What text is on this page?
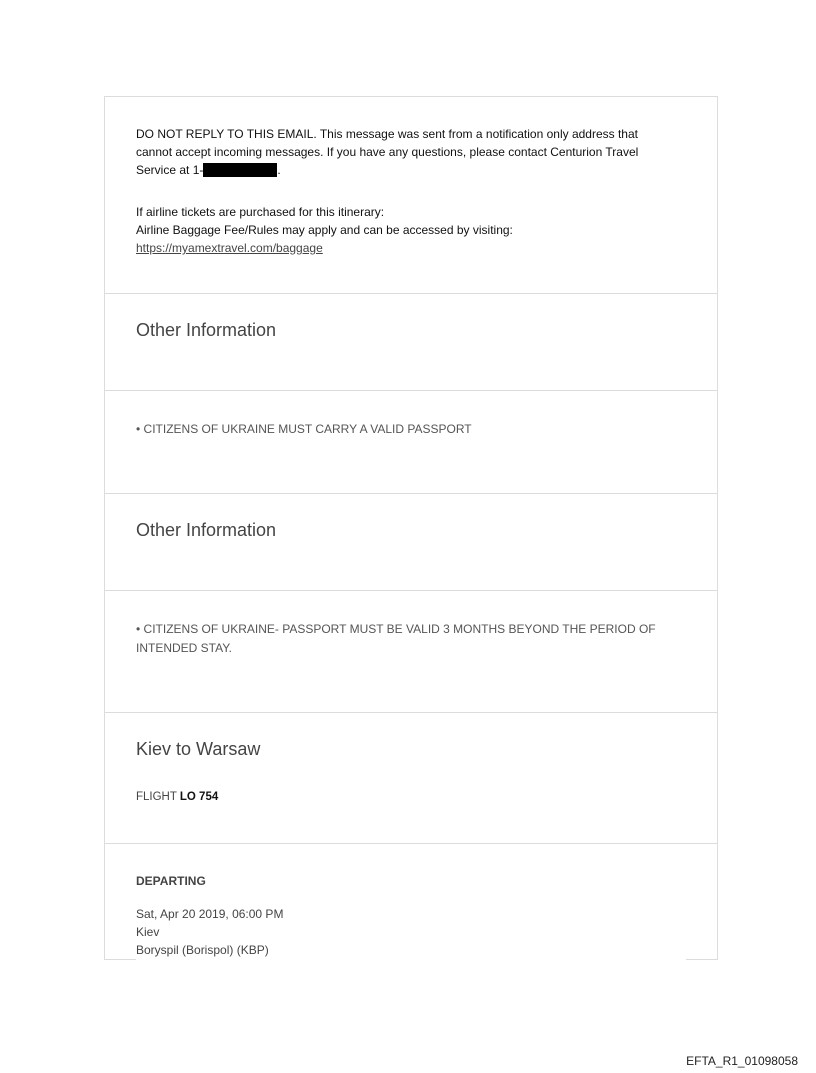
DO NOT REPLY TO THIS EMAIL. This message was sent from a notification only address that cannot accept incoming messages. If you have any questions, please contact Centurion Travel Service at 1-	.
If airline tickets are purchased for this itinerary:
Airline Baggage Fee/Rules may apply and can be accessed by visiting:
https://myamextravel.com/baggage
Other Information
• CITIZENS OF UKRAINE MUST CARRY A VALID PASSPORT
Other Information
• CITIZENS OF UKRAINE- PASSPORT MUST BE VALID 3 MONTHS BEYOND THE PERIOD OF INTENDED STAY.
Kiev to Warsaw
FLIGHT LO 754
DEPARTING
Sat, Apr 20 2019, 06:00 PM
Kiev
Boryspil (Borispol) (KBP)
EFTA_R1_01098058
